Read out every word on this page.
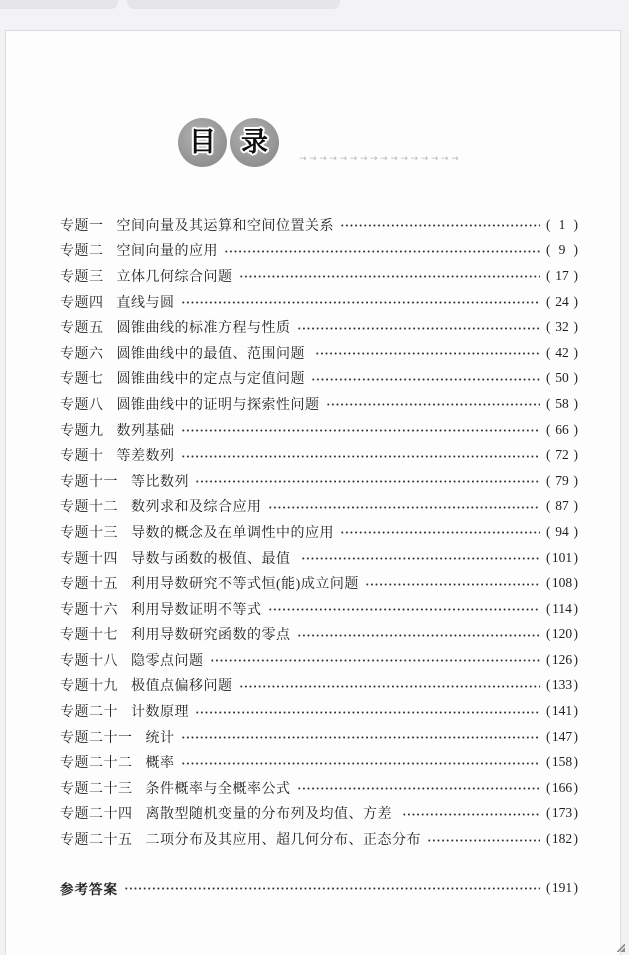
目 录
→→→→→→→→→→→→→→→→
专题一 空间向量及其运算和空间位置关系	( 1 )
专题二 空间向量的应用	( 9 )
专题三 立体几何综合问题	( 17 )
专题四 直线与圆	( 24 )
专题五 圆锥曲线的标准方程与性质	( 32 )
专题六 圆锥曲线中的最值、范围问题	( 42 )
专题七 圆锥曲线中的定点与定值问题	( 50 )
专题八 圆锥曲线中的证明与探索性问题	( 58 )
专题九 数列基础	( 66 )
专题十 等差数列	( 72 )
专题十一 等比数列	( 79 )
专题十二 数列求和及综合应用	( 87 )
专题十三 导数的概念及在单调性中的应用	( 94 )
专题十四 导数与函数的极值、最值	(101)
专题十五 利用导数研究不等式恒(能)成立问题	(108)
专题十六 利用导数证明不等式	( 114 )
专题十七 利用导数研究函数的零点	(120)
专题十八 隐零点问题	(126)
专题十九 极值点偏移问题	(133)
专题二十 计数原理	(141)
专题二十一 统计	(147)
专题二十二 概率	(158)
专题二十三 条件概率与全概率公式	(166)
专题二十四 离散型随机变量的分布列及均值、方差	(173)
专题二十五 二项分布及其应用、超几何分布、正态分布	(182)
参考答案	(191)
